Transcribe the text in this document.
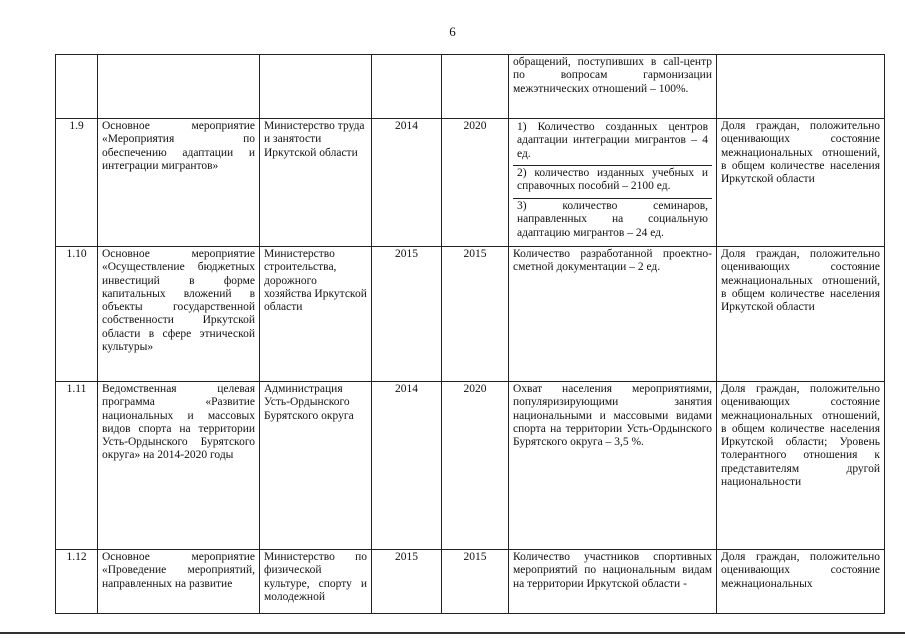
6
					обращений, поступивших в call-центр по вопросам гармонизации межэтнических отношений – 100%.	
1.9	Основное мероприятие «Мероприятия по обеспечению адаптации и интеграции мигрантов»	Министерство труда и занятости Иркутской области	2014	2020	1) Количество созданных центров адаптации интеграции мигрантов – 4 ед.
2) количество изданных учебных и справочных пособий – 2100 ед.
3) количество семинаров, направленных на социальную адаптацию мигрантов – 24 ед.	Доля граждан, положительно оценивающих состояние межнациональных отношений, в общем количестве населения Иркутской области
1.10	Основное мероприятие «Осуществление бюджетных инвестиций в форме капитальных вложений в объекты государственной собственности Иркутской области в сфере этнической культуры»	Министерство строительства, дорожного хозяйства Иркутской области	2015	2015	Количество разработанной проектно-сметной документации – 2 ед.	Доля граждан, положительно оценивающих состояние межнациональных отношений, в общем количестве населения Иркутской области
1.11	Ведомственная целевая программа «Развитие национальных и массовых видов спорта на территории Усть-Ордынского Бурятского округа» на 2014-2020 годы	Администрация Усть-Ордынского Бурятского округа	2014	2020	Охват населения мероприятиями, популяризирующими занятия национальными и массовыми видами спорта на территории Усть-Ордынского Бурятского округа – 3,5 %.	Доля граждан, положительно оценивающих состояние межнациональных отношений, в общем количестве населения Иркутской области; Уровень толерантного отношения к представителям другой национальности
1.12	Основное мероприятие «Проведение мероприятий, направленных на развитие	Министерство по физической культуре, спорту и молодежной	2015	2015	Количество участников спортивных мероприятий по национальным видам на территории Иркутской области -	Доля граждан, положительно оценивающих состояние межнациональных
